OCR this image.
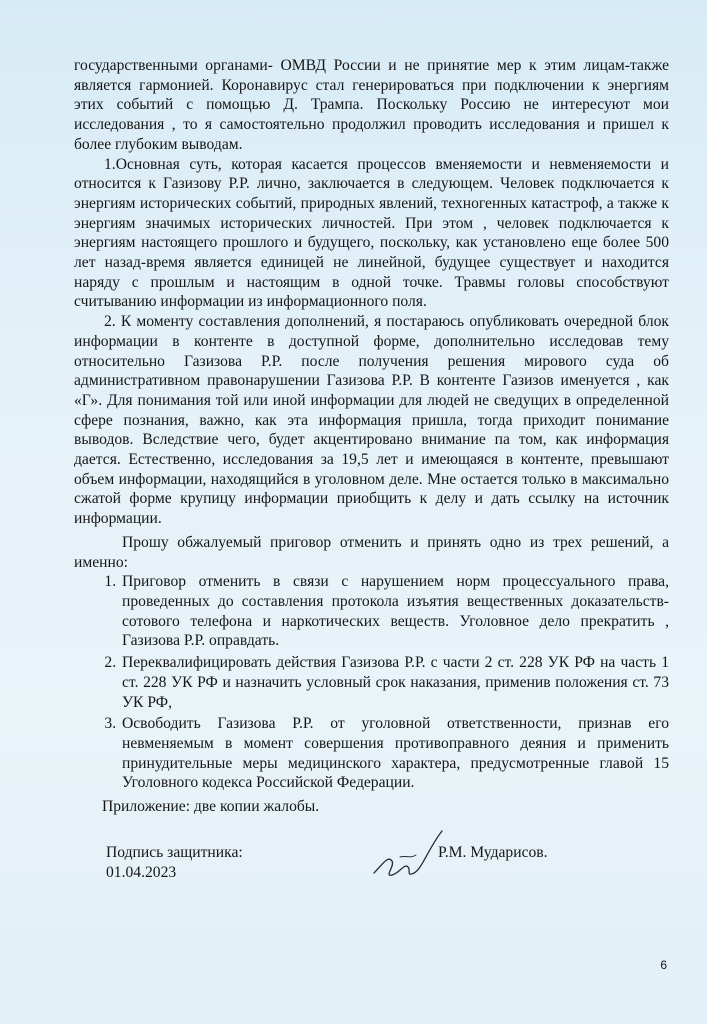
государственными органами- ОМВД России и не принятие мер к этим лицам-также является гармонией. Коронавирус стал генерироваться при подключении к энергиям этих событий с помощью Д. Трампа. Поскольку Россию не интересуют мои исследования , то я самостоятельно продолжил проводить исследования и пришел к более глубоким выводам.

1.Основная суть, которая касается процессов вменяемости и невменяемости и относится к Газизову Р.Р. лично, заключается в следующем. Человек подключается к энергиям исторических событий, природных явлений, техногенных катастроф, а также к энергиям значимых исторических личностей. При этом , человек подключается к энергиям настоящего прошлого и будущего, поскольку, как установлено еще более 500 лет назад-время является единицей не линейной, будущее существует и находится наряду с прошлым и настоящим в одной точке. Травмы головы способствуют считыванию информации из информационного поля.

2. К моменту составления дополнений, я постараюсь опубликовать очередной блок информации в контенте в доступной форме, дополнительно исследовав тему относительно Газизова Р.Р. после получения решения мирового суда об административном правонарушении Газизова Р.Р. В контенте Газизов именуется , как «Г». Для понимания той или иной информации для людей не сведущих в определенной сфере познания, важно, как эта информация пришла, тогда приходит понимание выводов. Вследствие чего, будет акцентировано внимание па том, как информация дается. Естественно, исследования за 19,5 лет и имеющаяся в контенте, превышают объем информации, находящийся в уголовном деле. Мне остается только в максимально сжатой форме крупицу информации приобщить к делу и дать ссылку на источник информации.

Прошу обжалуемый приговор отменить и принять одно из трех решений, а именно:

1. Приговор отменить в связи с нарушением норм процессуального права, проведенных до составления протокола изъятия вещественных доказательств- сотового телефона и наркотических веществ. Уголовное дело прекратить , Газизова Р.Р. оправдать.
2. Переквалифицировать действия Газизова Р.Р. с части 2 ст. 228 УК РФ на часть 1 ст. 228 УК РФ и назначить условный срок наказания, применив положения ст. 73 УК РФ,
3. Освободить Газизова Р.Р. от уголовной ответственности, признав его невменяемым в момент совершения противоправного деяния и применить принудительные меры медицинского характера, предусмотренные главой 15 Уголовного кодекса Российской Федерации.
Приложение: две копии жалобы.
Подпись защитника:
01.04.2023
Р.М. Мударисов.
6
